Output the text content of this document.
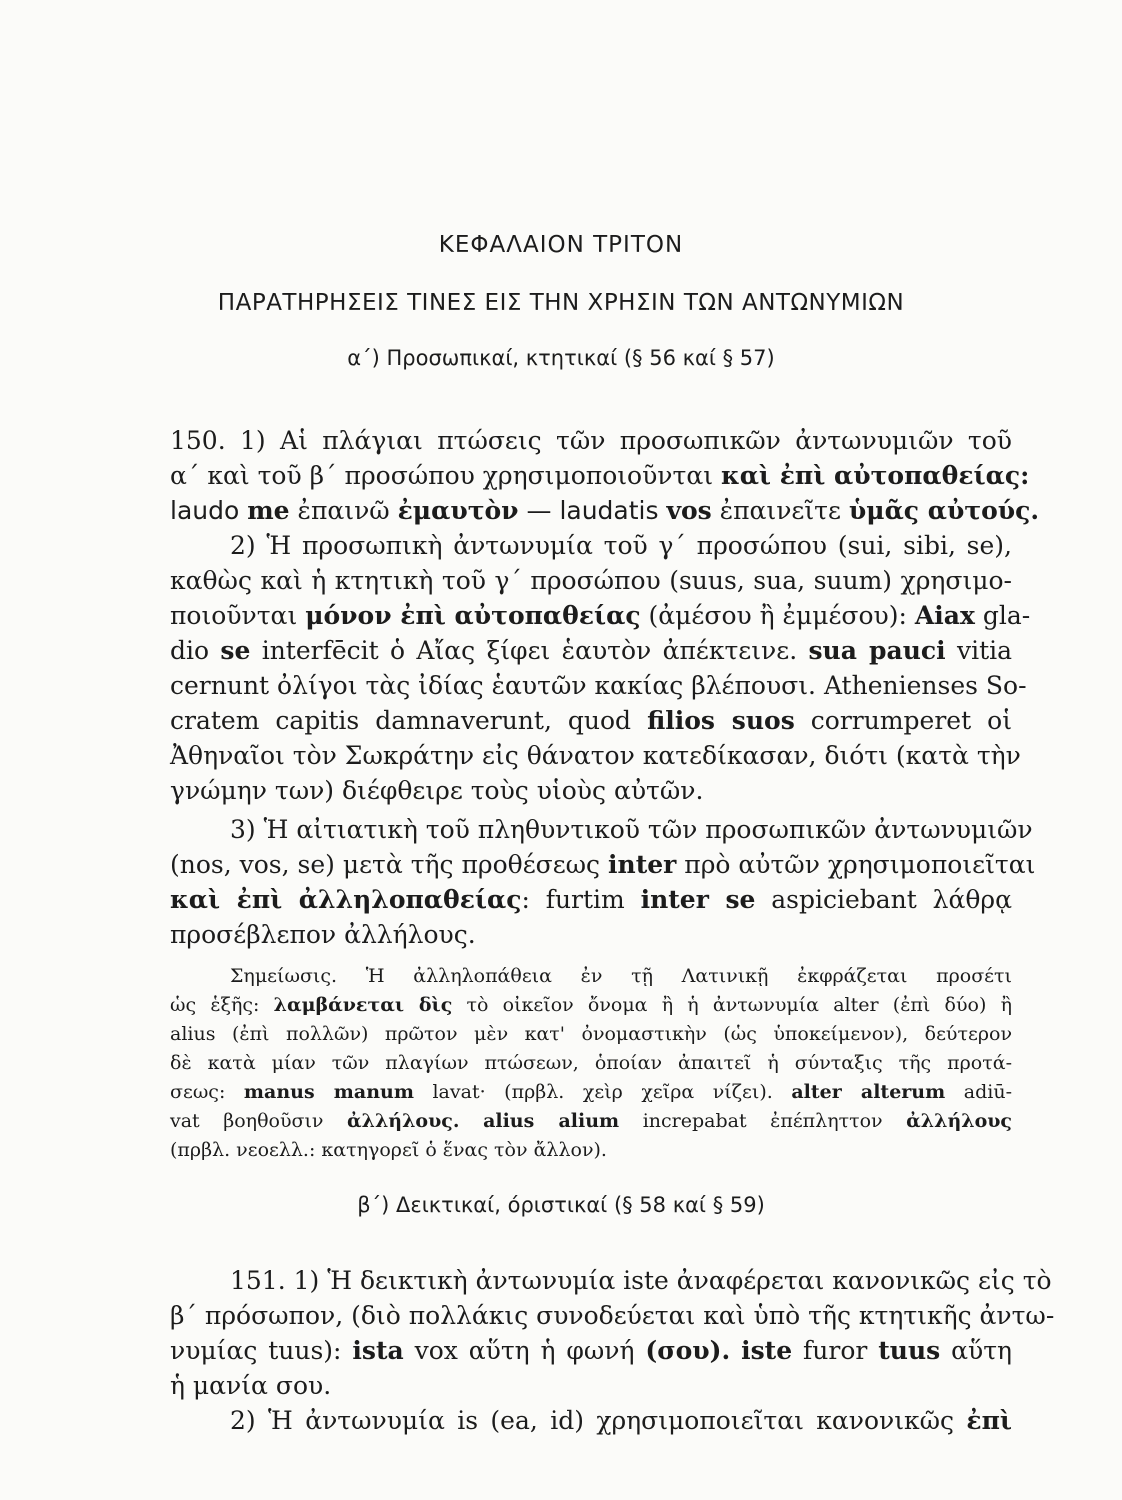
ΚΕΦΑΛΑΙΟΝ ΤΡΙΤΟΝ
ΠΑΡΑΤΗΡΗΣΕΙΣ ΤΙΝΕΣ ΕΙΣ ΤΗΝ ΧΡΗΣΙΝ ΤΩΝ ΑΝΤΩΝΥΜΙΩΝ
α΄) Προσωπικαί, κτητικαί (§ 56 καί § 57)
150. 1) Αἱ πλάγιαι πτώσεις τῶν προσωπικῶν ἀντωνυμιῶν τοῦ
α΄ καὶ τοῦ β΄ προσώπου χρησιμοποιοῦνται καὶ ἐπὶ αὐτοπαθείας:
laudo me ἐπαινῶ ἐμαυτὸν — laudatis vos ἐπαινεῖτε ὑμᾶς αὐτούς.
2) Ἡ προσωπικὴ ἀντωνυμία τοῦ γ΄ προσώπου (sui, sibi, se),
καθὼς καὶ ἡ κτητικὴ τοῦ γ΄ προσώπου (suus, sua, suum) χρησιμο-
ποιοῦνται μόνον ἐπὶ αὐτοπαθείας (ἀμέσου ἢ ἐμμέσου): Aiax gla-
dio se interfēcit ὁ Αἴας ξίφει ἑαυτὸν ἀπέκτεινε. sua pauci vitia
cernunt ὀλίγοι τὰς ἰδίας ἑαυτῶν κακίας βλέπουσι. Athenienses So-
cratem capitis damnaverunt, quod filios suos corrumperet οἱ
Ἀθηναῖοι τὸν Σωκράτην εἰς θάνατον κατεδίκασαν, διότι (κατὰ τὴν
γνώμην των) διέφθειρε τοὺς υἱοὺς αὐτῶν.
3) Ἡ αἰτιατικὴ τοῦ πληθυντικοῦ τῶν προσωπικῶν ἀντωνυμιῶν
(nos, vos, se) μετὰ τῆς προθέσεως inter πρὸ αὐτῶν χρησιμοποιεῖται
καὶ ἐπὶ ἀλληλοπαθείας: furtim inter se aspiciebant λάθρᾳ
προσέβλεπον ἀλλήλους.
Σημείωσις. Ἡ ἀλληλοπάθεια ἐν τῇ Λατινικῇ ἐκφράζεται προσέτι
ὡς ἑξῆς: λαμβάνεται δὶς τὸ οἰκεῖον ὄνομα ἢ ἡ ἀντωνυμία alter (ἐπὶ δύο) ἢ
alius (ἐπὶ πολλῶν) πρῶτον μὲν κατ' ὀνομαστικὴν (ὡς ὑποκείμενον), δεύτερον
δὲ κατὰ μίαν τῶν πλαγίων πτώσεων, ὁποίαν ἀπαιτεῖ ἡ σύνταξις τῆς προτά-
σεως: manus manum lavat· (πρβλ. χεὶρ χεῖρα νίζει). alter alterum adiū-
vat βοηθοῦσιν ἀλλήλους. alius alium increpabat ἐπέπληττον ἀλλήλους
(πρβλ. νεοελλ.: κατηγορεῖ ὁ ἕνας τὸν ἄλλον).
β΄) Δεικτικαί, όριστικαί (§ 58 καί § 59)
151. 1) Ἡ δεικτικὴ ἀντωνυμία iste ἀναφέρεται κανονικῶς εἰς τὸ
β΄ πρόσωπον, (διὸ πολλάκις συνοδεύεται καὶ ὑπὸ τῆς κτητικῆς ἀντω-
νυμίας tuus): ista vox αὕτη ἡ φωνή (σου). iste furor tuus αὕτη
ἡ μανία σου.
2) Ἡ ἀντωνυμία is (ea, id) χρησιμοποιεῖται κανονικῶς ἐπὶ
